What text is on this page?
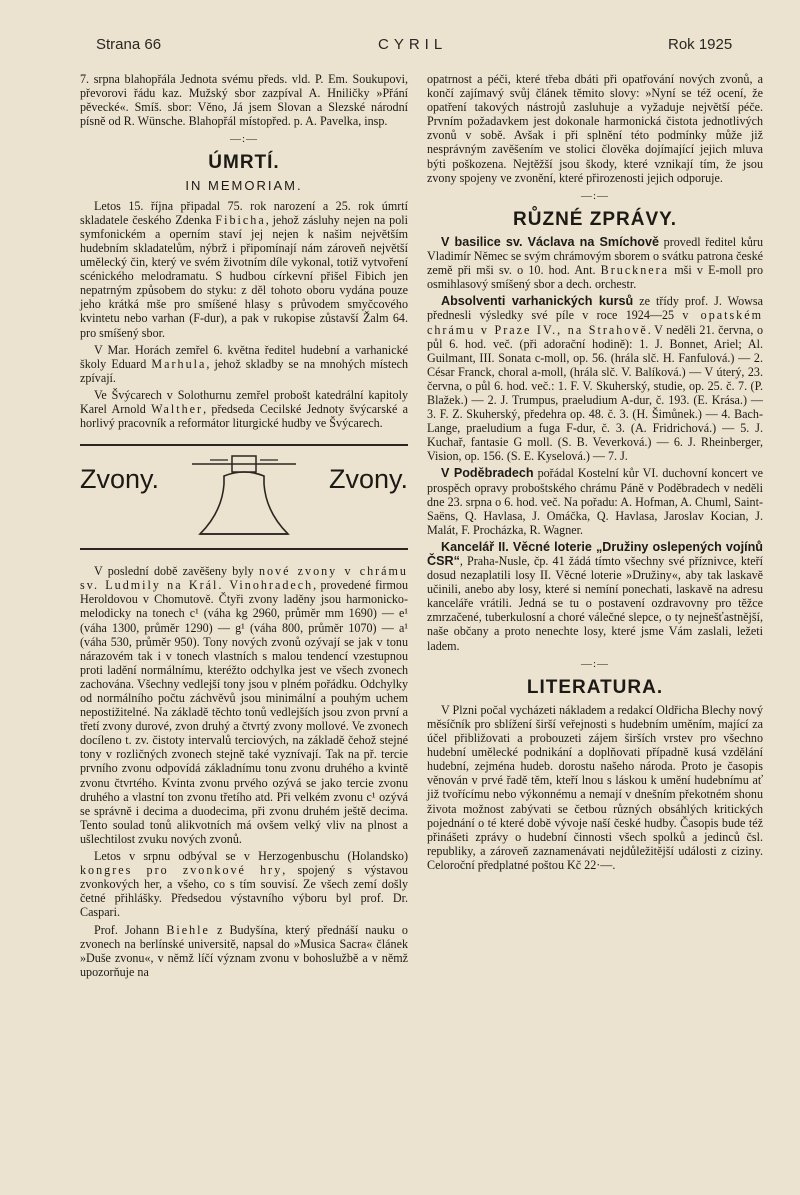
Strana 66	CYRIL	Rok 1925

7. srpna blahopřála Jednota svému předs. vld. P. Em. Soukupovi, převorovi řádu kaz. Mužský sbor zazpíval A. Hniličky »Přání pěvecké«. Smíš. sbor: Věno, Já jsem Slovan a Slezské národní písně od R. Wünsche. Blahopřál místopřed. p. A. Pavelka, insp.

—:—
ÚMRTÍ.
IN MEMORIAM.

Letos 15. října připadal 75. rok narození a 25. rok úmrtí skladatele českého Zdenka Fibicha, jehož zásluhy nejen na poli symfonickém a operním staví jej nejen k našim největším hudebním skladatelům, nýbrž i připomínají nám zároveň největší umělecký čin, který ve svém životním díle vykonal, totiž vytvoření scénického melodramatu. S hudbou církevní přišel Fibich jen nepatrným způsobem do styku: z děl tohoto oboru vydána pouze jeho krátká mše pro smíšené hlasy s průvodem smyčcového kvintetu nebo varhan (F-dur), a pak v rukopise zůstavší Žalm 64. pro smíšený sbor.

V Mar. Horách zemřel 6. května ředitel hudební a varhanické školy Eduard Marhula, jehož skladby se na mnohých místech zpívají.

Ve Švýcarech v Solothurnu zemřel probošt katedrální kapitoly Karel Arnold Walther, předseda Cecilské Jednoty švýcarské a horlivý pracovník a reformátor liturgické hudby ve Švýcarech.

Zvony.	Zvony.

V poslední době zavěšeny byly nové zvony v chrámu sv. Ludmily na Král. Vinohradech, provedené firmou Heroldovou v Chomutově. Čtyři zvony laděny jsou harmonicko-melodicky na tonech c¹ (váha kg 2960, průměr mm 1690) — e¹ (váha 1300, průměr 1290) — g¹ (váha 800, průměr 1070) — a¹ (váha 530, průměr 950). Tony nových zvonů ozývají se jak v tonu nárazovém tak i v tonech vlastních s malou tendencí vzestupnou proti ladění normálnímu, kteréžto odchylka jest ve všech zvonech zachována. Všechny vedlejší tony jsou v plném pořádku. Odchylky od normálního počtu záchvěvů jsou minimální a pouhým uchem nepostižitelné. Na základě těchto tonů vedlejších jsou zvon první a třetí zvony durové, zvon druhý a čtvrtý zvony mollové. Ve zvonech docíleno t. zv. čistoty intervalů terciových, na základě čehož stejné tony v rozličných zvonech stejně také vyznívají. Tak na př. tercie prvního zvonu odpovídá základnímu tonu zvonu druhého a kvintě zvonu čtvrtého. Kvinta zvonu prvého ozývá se jako tercie zvonu druhého a vlastní ton zvonu třetího atd. Při velkém zvonu c¹ ozývá se správně i decima a duodecima, při zvonu druhém ještě decima. Tento soulad tonů alikvotních má ovšem velký vliv na plnost a ušlechtilost zvuku nových zvonů.

Letos v srpnu odbýval se v Herzogenbuschu (Holandsko) kongres pro zvonkové hry, spojený s výstavou zvonkových her, a všeho, co s tím souvisí. Ze všech zemí došly četné přihlášky. Předsedou výstavního výboru byl prof. Dr. Caspari.

Prof. Johann Biehle z Budyšína, který přednáší nauku o zvonech na berlínské universitě, napsal do »Musica Sacra« článek »Duše zvonu«, v němž líčí význam zvonu v bohoslužbě a v němž upozorňuje na

opatrnost a péči, které třeba dbáti při opatřování nových zvonů, a končí zajímavý svůj článek těmito slovy: »Nyní se též ocení, že opatření takových nástrojů zasluhuje a vyžaduje největší péče. Prvním požadavkem jest dokonale harmonická čistota jednotlivých zvonů v sobě. Avšak i při splnění této podmínky může již nesprávným zavěšením ve stolici člověka dojímající jejich mluva býti poškozena. Nejtěžší jsou škody, které vznikají tím, že jsou zvony spojeny ve zvonění, které přirozenosti jejich odporuje.

—:—
RŮZNÉ ZPRÁVY.

V basilice sv. Václava na Smíchově provedl ředitel kůru Vladimír Němec se svým chrámovým sborem o svátku patrona české země při mši sv. o 10. hod. Ant. Brucknera mši v E-moll pro osmihlasový smíšený sbor a dech. orchestr.

Absolventi varhanických kursů ze třídy prof. J. Wowsa přednesli výsledky své píle v roce 1924—25 v opatském chrámu v Praze IV., na Strahově. V neděli 21. června, o půl 6. hod. več. (při adorační hodině): 1. J. Bonnet, Ariel; Al. Guilmant, III. Sonata c-moll, op. 56. (hrála slč. H. Fanfulová.) — 2. César Franck, choral a-moll, (hrála slč. V. Balíková.) — V úterý, 23. června, o půl 6. hod. več.: 1. F. V. Skuherský, studie, op. 25. č. 7. (P. Blažek.) — 2. J. Trumpus, praeludium A-dur, č. 193. (E. Krása.) — 3. F. Z. Skuherský, předehra op. 48. č. 3. (H. Šimůnek.) — 4. Bach-Lange, praeludium a fuga F-dur, č. 3. (A. Fridrichová.) — 5. J. Kuchař, fantasie G moll. (S. B. Veverková.) — 6. J. Rheinberger, Vision, op. 156. (S. E. Kyselová.) — 7. J.

V Poděbradech pořádal Kostelní kůr VI. duchovní koncert ve prospěch opravy proboštského chrámu Páně v Poděbradech v neděli dne 23. srpna o 6. hod. več. Na pořadu: A. Hofman, A. Chuml, Saint-Saëns, Q. Havlasa, J. Omáčka, Q. Havlasa, Jaroslav Kocian, J. Malát, F. Procházka, R. Wagner.

Kancelář II. Věcné loterie „Družiny oslepených vojínů ČSR“, Praha-Nusle, čp. 41 žádá tímto všechny své příznivce, kteří dosud nezaplatili losy II. Věcné loterie »Družiny«, aby tak laskavě učinili, anebo aby losy, které si nemíní ponechati, laskavě na adresu kanceláře vrátili. Jedná se tu o postavení ozdravovny pro těžce zmrzačené, tuberkulosní a choré válečné slepce, o ty nejnešťastnější, naše občany a proto nenechte losy, které jsme Vám zaslali, ležeti ladem.

—:—
LITERATURA.

V Plzni počal vycházeti nákladem a redakcí Oldřicha Blechy nový měsíčník pro sblížení širší veřejnosti s hudebním uměním, mající za účel přibližovati a probouzeti zájem širších vrstev pro všechno hudební umělecké podnikání a doplňovati případně kusá vzdělání hudební, zejména hudeb. dorostu našeho národa. Proto je časopis věnován v prvé řadě těm, kteří lnou s láskou k umění hudebnímu ať již tvořícímu nebo výkonnému a nemají v dnešním překotném shonu života možnost zabývati se četbou různých obsáhlých kritických pojednání o té které době vývoje naší české hudby. Časopis bude též přinášeti zprávy o hudební činnosti všech spolků a jedinců čsl. republiky, a zároveň zaznamenávati nejdůležitější události z ciziny. Celoroční předplatné poštou Kč 22·—.
